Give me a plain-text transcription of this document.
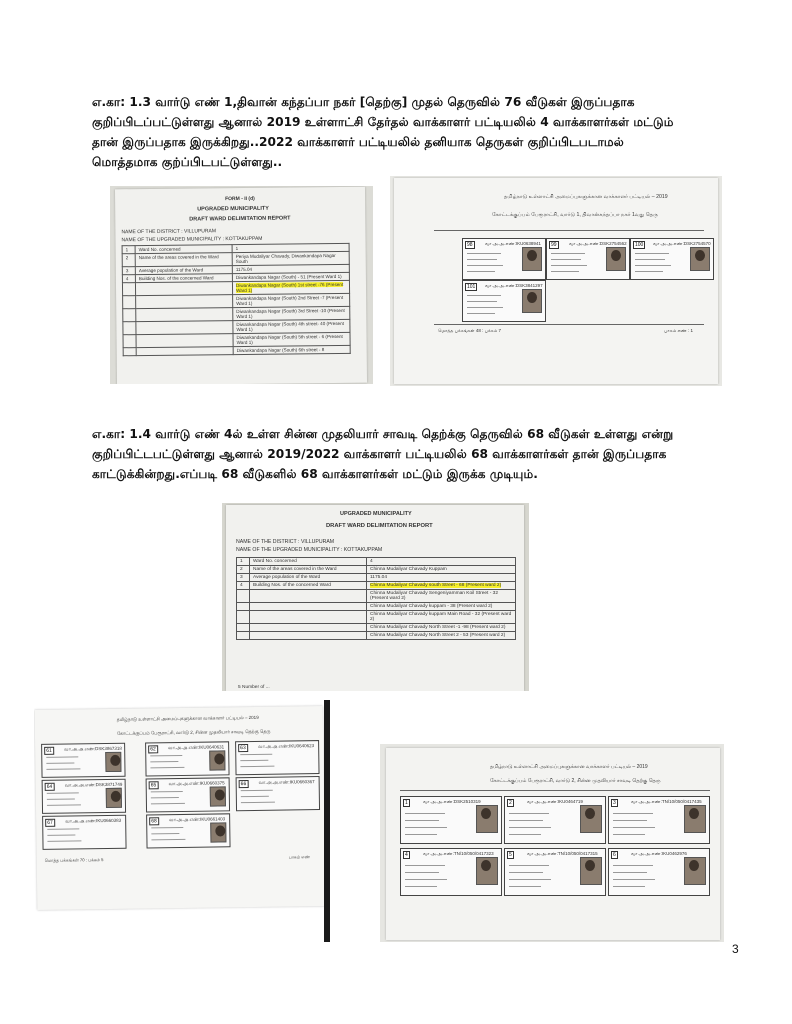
எ.கா: 1.3 வார்டு எண் 1,திவான் கந்தப்பா நகர் [தெற்கு] முதல் தெருவில் 76 வீடுகள் இருப்பதாக
குறிப்பிடப்பட்டுள்ளது ஆனால் 2019 உள்ளாட்சி தேர்தல் வாக்காளர் பட்டியலில் 4 வாக்காளர்கள் மட்டும்
தான் இருப்பதாக இருக்கிறது..2022 வாக்காளர் பட்டியலில் தனியாக தெருகள் குறிப்பிடபடாமல்
மொத்தமாக குற்ப்பிடபட்டுள்ளது..
FORM - II (d)
UPGRADED MUNICIPALITY
DRAFT WARD DELIMITATION REPORT
NAME OF THE DISTRICT : VILLUPURAM
NAME OF THE UPGRADED MUNICIPALITY : KOTTAKUPPAM
1	Ward No. concerned	1
2	Name of the areas covered in the Ward	Periya Mudaliyar Chavady, Diwankandapa Nagar South
3	Average population of the Ward	1175.04
4	Building Nos. of the concerned Ward	Diwankandapa Nagar (South) - 51 (Present Ward 1)
		Diwankandapa Nagar (South) 1st street -76 (Present Ward 1)
		Diwankandapa Nagar (South) 2nd Street -7 (Present Ward 1)
		Diwankandapa Nagar (South) 3rd Street -10 (Present Ward 1)
		Diwankandapa Nagar (South) 4th street- 40 (Present Ward 1)
		Diwankandapa Nagar (South) 5th street - 6 (Present Ward 1)
		Diwankandapa Nagar (South) 6th street - 8
தமிழ்நாடு உள்ளாட்சி அமைப்புகளுக்கான வாக்காளர் பட்டியல் – 2019
கோட்டக்குப்பம் பேரூராட்சி, வார்டு 1, திவான்கந்தப்பா நகர் 1வது தெரு
98	வா.அ.அ.எண்:IKU0638941	99	வா.அ.அ.எண்:DSK2754562	100	வா.அ.அ.எண்:DSK2754570
101	வா.அ.அ.எண்:DSK3841297
மொத்த பக்கங்கள் 48 : பக்கம் 7	பாகம் எண் : 1
எ.கா: 1.4 வார்டு எண் 4ல் உள்ள சின்ன முதலியார் சாவடி தெற்க்கு தெருவில் 68 வீடுகள் உள்ளது என்று
குறிப்பிட்டபட்டுள்ளது ஆனால் 2019/2022 வாக்காளர் பட்டியலில் 68 வாக்காளர்கள் தான் இருப்பதாக
காட்டுக்கின்றது.எப்படி 68 வீடுகளில் 68 வாக்காளர்கள் மட்டும் இருக்க முடியும்.
UPGRADED MUNICIPALITY
DRAFT WARD DELIMITATION REPORT
NAME OF THE DISTRICT : VILLUPURAM
NAME OF THE UPGRADED MUNICIPALITY : KOTTAKUPPAM
1	Ward No. concerned	4
2	Name of the areas covered in the Ward	Chinna Mudaliyar Chavady Kuppam
3	Average population of the Ward	1175.04
4	Building Nos. of the concerned Ward	Chinna Mudaliyar Chavady south Street - 68 (Present ward 2)
		Chinna Mudaliyar Chavady Sengeniyamman Koil Street - 32 (Present ward 2)
		Chinna Mudaliyar Chavady kuppam - 38 (Present ward 2)
		Chinna Mudaliyar Chavady kuppam Main Road - 32 (Present ward 2)
		Chinna Mudaliyar Chavady North Street -1 -98 (Present ward 2)
		Chinna Mudaliyar Chavady North Street 2 - 53 (Present ward 2)
5 Number of ...
தமிழ்நாடு உள்ளாட்சி அமைப்புகளுக்கான வாக்காளர் பட்டியல் – 2019
கோட்டக்குப்பம் பேரூராட்சி, வார்டு 2, சின்ன முதலியார் சாவடி தெற்கு தெரு
61	வா.அ.அ.எண்:DSK3867318	62	வா.அ.அ.எண்:IKU0640631	63	வா.அ.அ.எண்:IKU0640623
64	வா.அ.அ.எண்:DSK3871749	65	வா.அ.அ.எண்:IKU0660375	66	வா.அ.அ.எண்:IKU0660367
67	வா.அ.அ.எண்:IKU0660383	68	வா.அ.அ.எண்:IKU0661403
மொத்த பக்கங்கள் 70 : பக்கம் 5
பாகம் எண்
தமிழ்நாடு உள்ளாட்சி அமைப்புகளுக்கான வாக்காளர் பட்டியல் – 2019
கோட்டக்குப்பம் பேரூராட்சி, வார்டு 2, சின்ன முதலியார் சாவடி தெற்கு தெரு
1	வா.அ.அ.எண்:DSK2510319	2	வா.அ.அ.எண்:IKU0464719	3	வா.அ.அ.எண்:TN/10/050/0417435
4	வா.அ.அ.எண்:TN/10/050/0417323	5	வா.அ.அ.எண்:TN/10/050/0417315	6	வா.அ.அ.எண்:IKU0462976
3
